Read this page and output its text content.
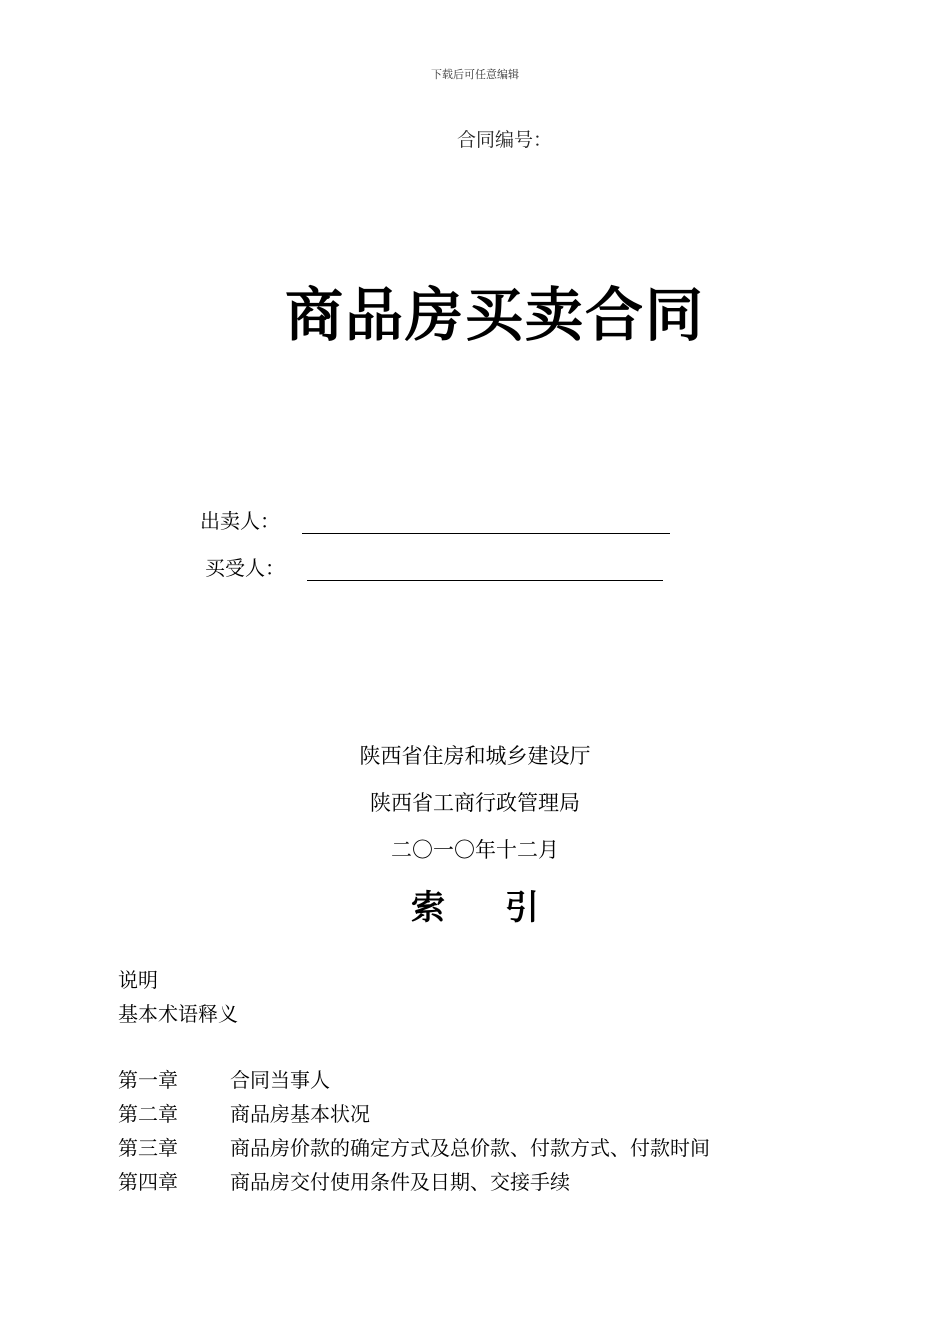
下载后可任意编辑
合同编号：
商品房买卖合同
出卖人：
买受人：
陕西省住房和城乡建设厅
陕西省工商行政管理局
二〇一〇年十二月
索引
说明
基本术语释义
第一章	合同当事人
第二章	商品房基本状况
第三章	商品房价款的确定方式及总价款、付款方式、付款时间
第四章	商品房交付使用条件及日期、交接手续
